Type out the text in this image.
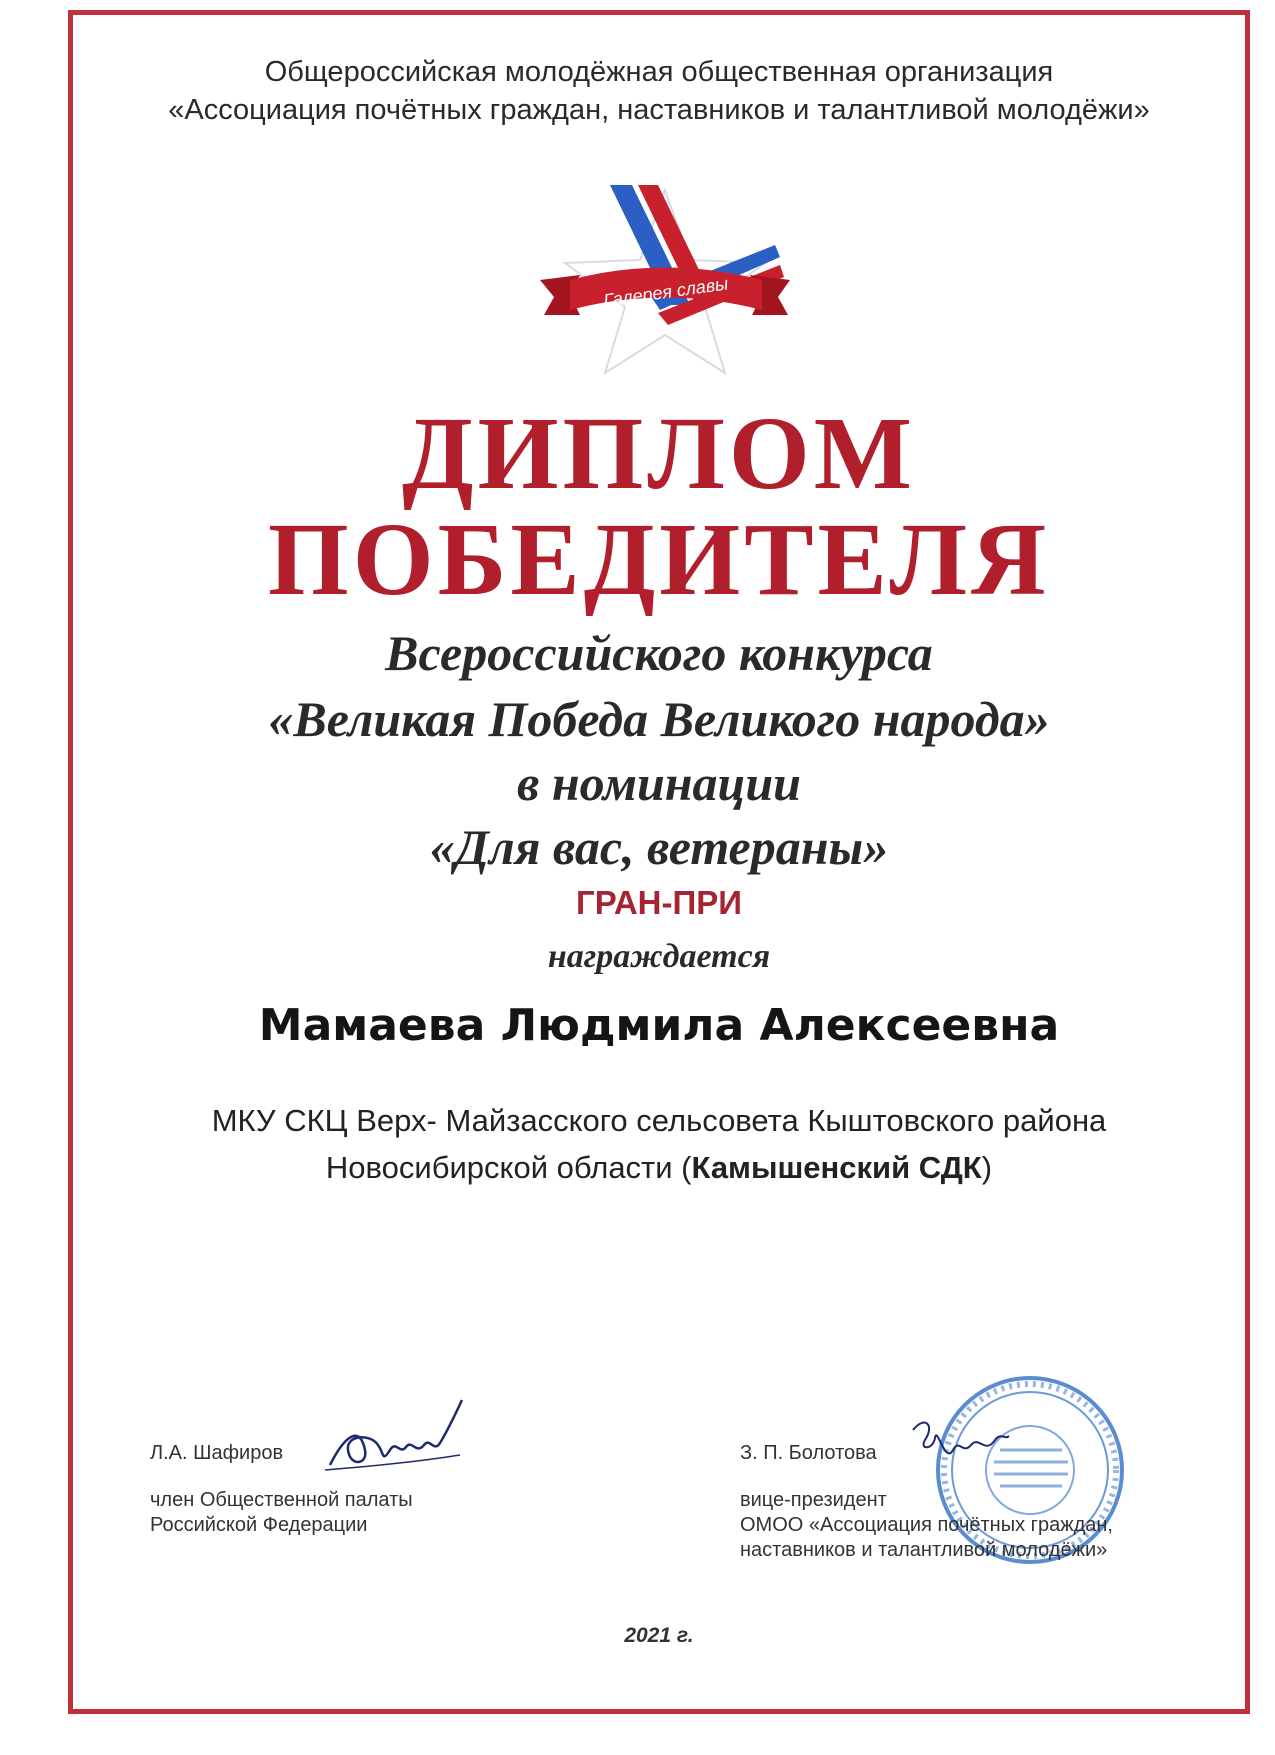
Общероссийская молодёжная общественная организация
«Ассоциация почётных граждан, наставников и талантливой молодёжи»
Галерея славы
ДИПЛОМ
ПОБЕДИТЕЛЯ
Всероссийского конкурса
«Великая Победа Великого народа»
в номинации
«Для вас, ветераны»
ГРАН-ПРИ
награждается
Мамаева Людмила Алексеевна
МКУ СКЦ Верх- Майзасского сельсовета Кыштовского района
Новосибирской области (Камышенский СДК)
Л.А. Шафиров
член Общественной палаты
Российской Федерации
З. П. Болотова
вице-президент
ОМОО «Ассоциация почётных граждан,
наставников и талантливой молодёжи»
2021 г.
